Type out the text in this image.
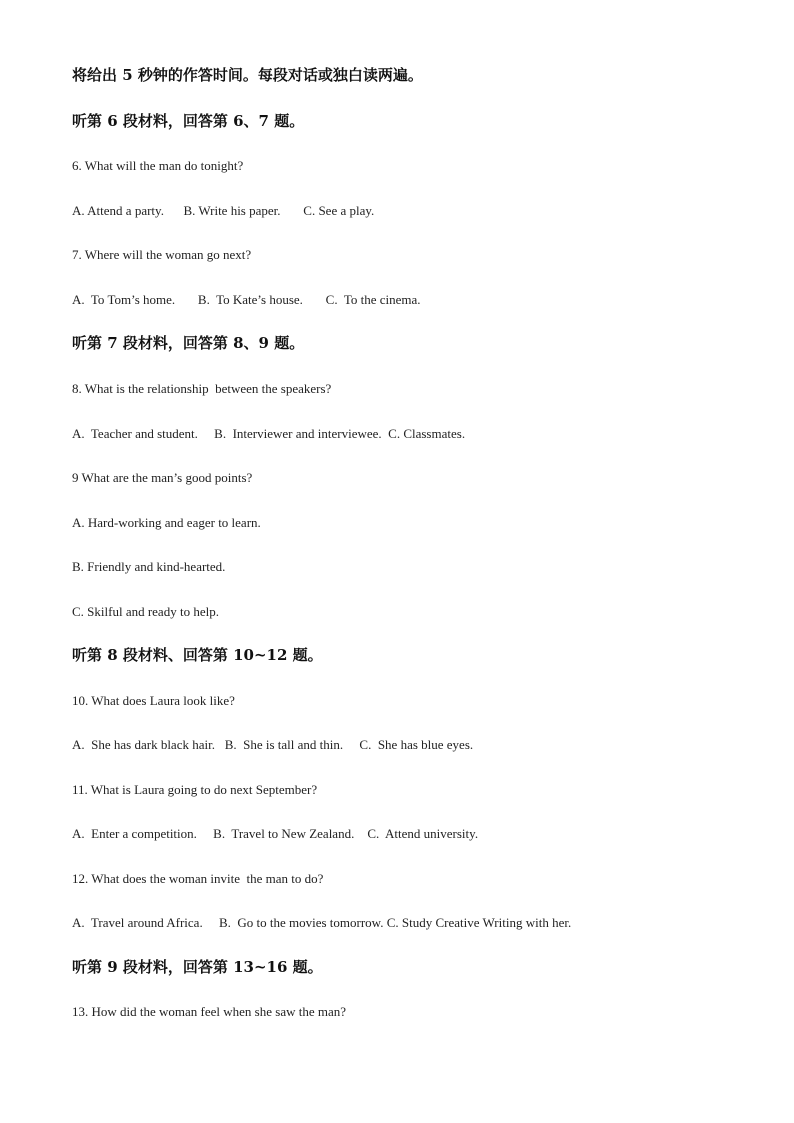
将给出 5 秒钟的作答时间。每段对话或独白读两遍。
听第 6 段材料，回答第 6、7 题。
6. What will the man do tonight?
A. Attend a party.      B. Write his paper.       C. See a play.
7. Where will the woman go next?
A.  To Tom’s home.       B.  To Kate’s house.       C.  To the cinema.
听第 7 段材料，回答第 8、9 题。
8. What is the relationship  between the speakers?
A.  Teacher and student.     B.  Interviewer and interviewee.  C. Classmates.
9 What are the man’s good points?
A. Hard-working and eager to learn.
B. Friendly and kind-hearted.
C. Skilful and ready to help.
听第 8 段材料、回答第 10~12 题。
10. What does Laura look like?
A.  She has dark black hair.   B.  She is tall and thin.     C.  She has blue eyes.
11. What is Laura going to do next September?
A.  Enter a competition.     B.  Travel to New Zealand.    C.  Attend university.
12. What does the woman invite  the man to do?
A.  Travel around Africa.     B.  Go to the movies tomorrow. C. Study Creative Writing with her.
听第 9 段材料，回答第 13~16 题。
13. How did the woman feel when she saw the man?
